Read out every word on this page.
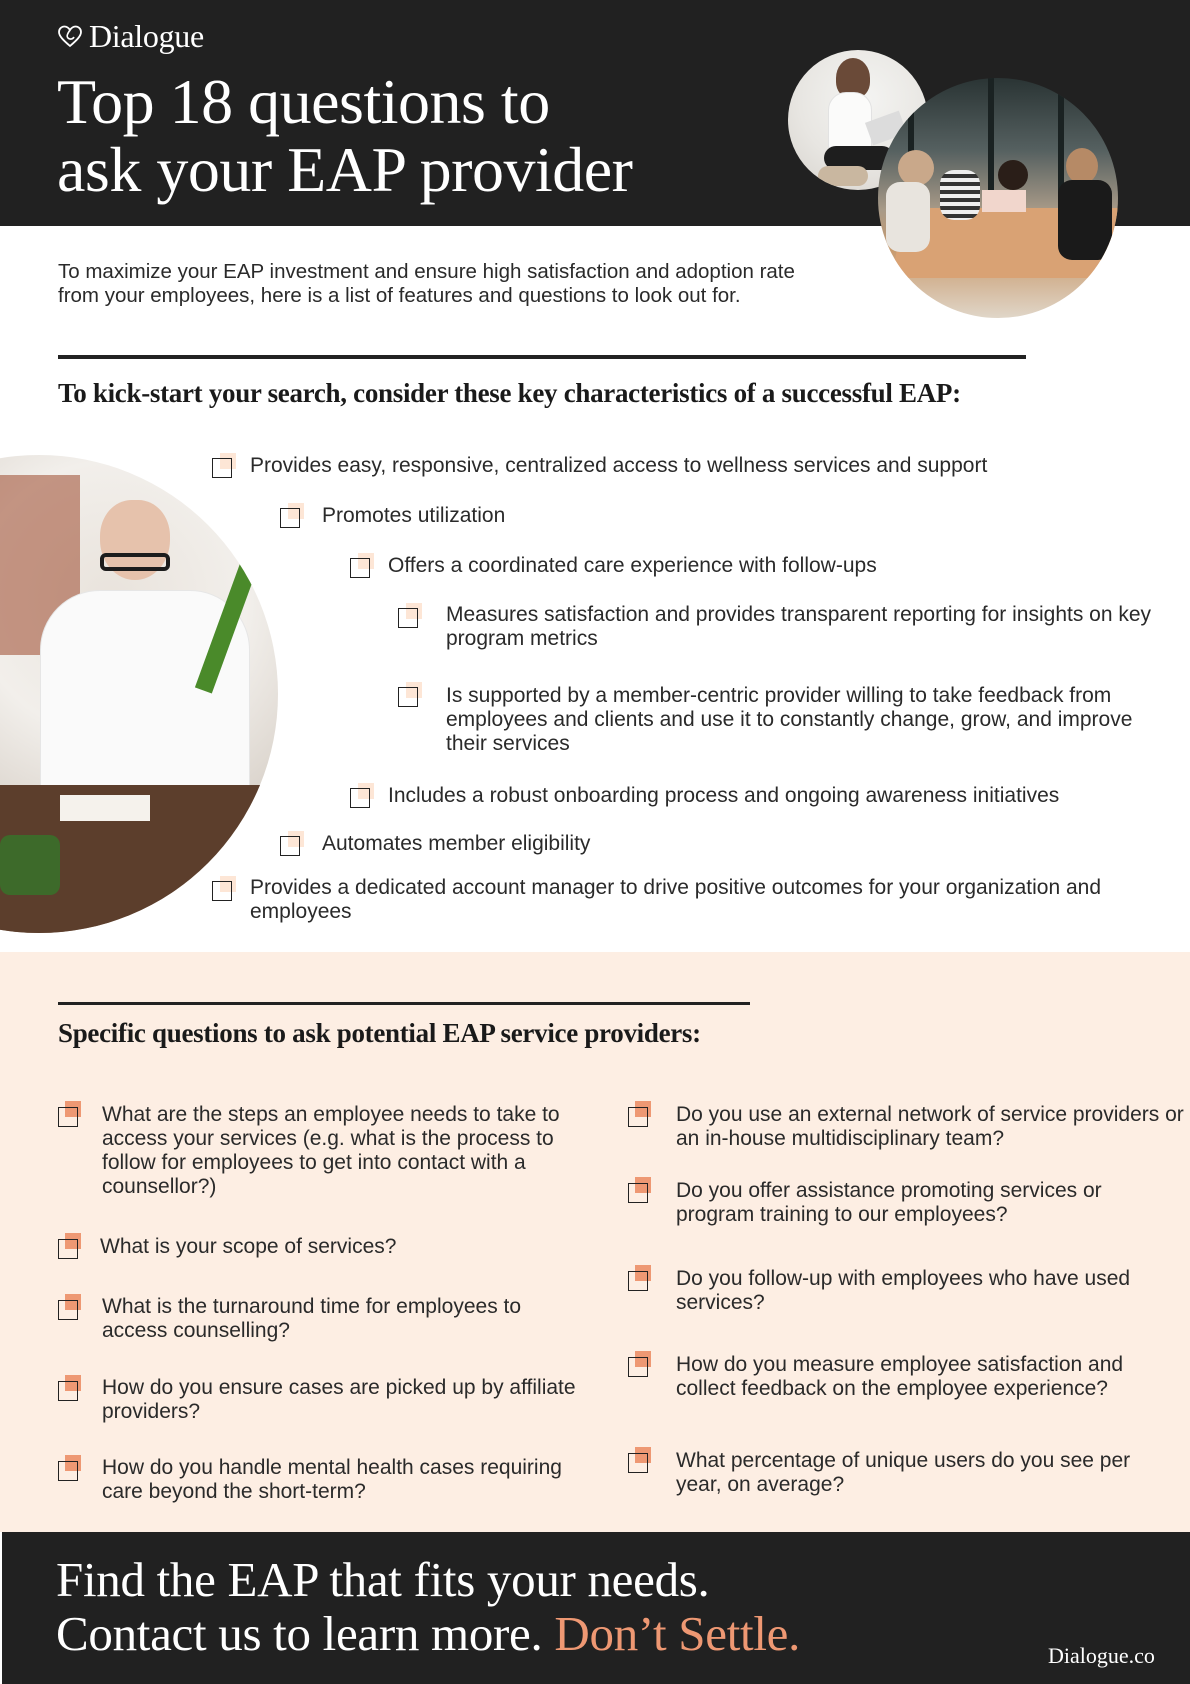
Dialogue
Top 18 questions to
ask your EAP provider
To maximize your EAP investment and ensure high satisfaction and adoption rate
from your employees, here is a list of features and questions to look out for.
To kick-start your search, consider these key characteristics of a successful EAP:
Provides easy, responsive, centralized access to wellness services and support
Promotes utilization
Offers a coordinated care experience with follow-ups
Measures satisfaction and provides transparent reporting for insights on key program metrics
Is supported by a member-centric provider willing to take feedback from employees and clients and use it to constantly change, grow, and improve their services
Includes a robust onboarding process and ongoing awareness initiatives
Automates member eligibility
Provides a dedicated account manager to drive positive outcomes for your organization and employees
Specific questions to ask potential EAP service providers:
What are the steps an employee needs to take to access your services (e.g. what is the process to follow for employees to get into contact with a counsellor?)
What is your scope of services?
What is the turnaround time for employees to access counselling?
How do you ensure cases are picked up by affiliate providers?
How do you handle mental health cases requiring care beyond the short-term?
Do you use an external network of service providers or an in-house multidisciplinary team?
Do you offer assistance promoting services or program training to our employees?
Do you follow-up with employees who have used services?
How do you measure employee satisfaction and collect feedback on the employee experience?
What percentage of unique users do you see per year, on average?
Find the EAP that fits your needs.
Contact us to learn more. Don’t Settle.	Dialogue.co
